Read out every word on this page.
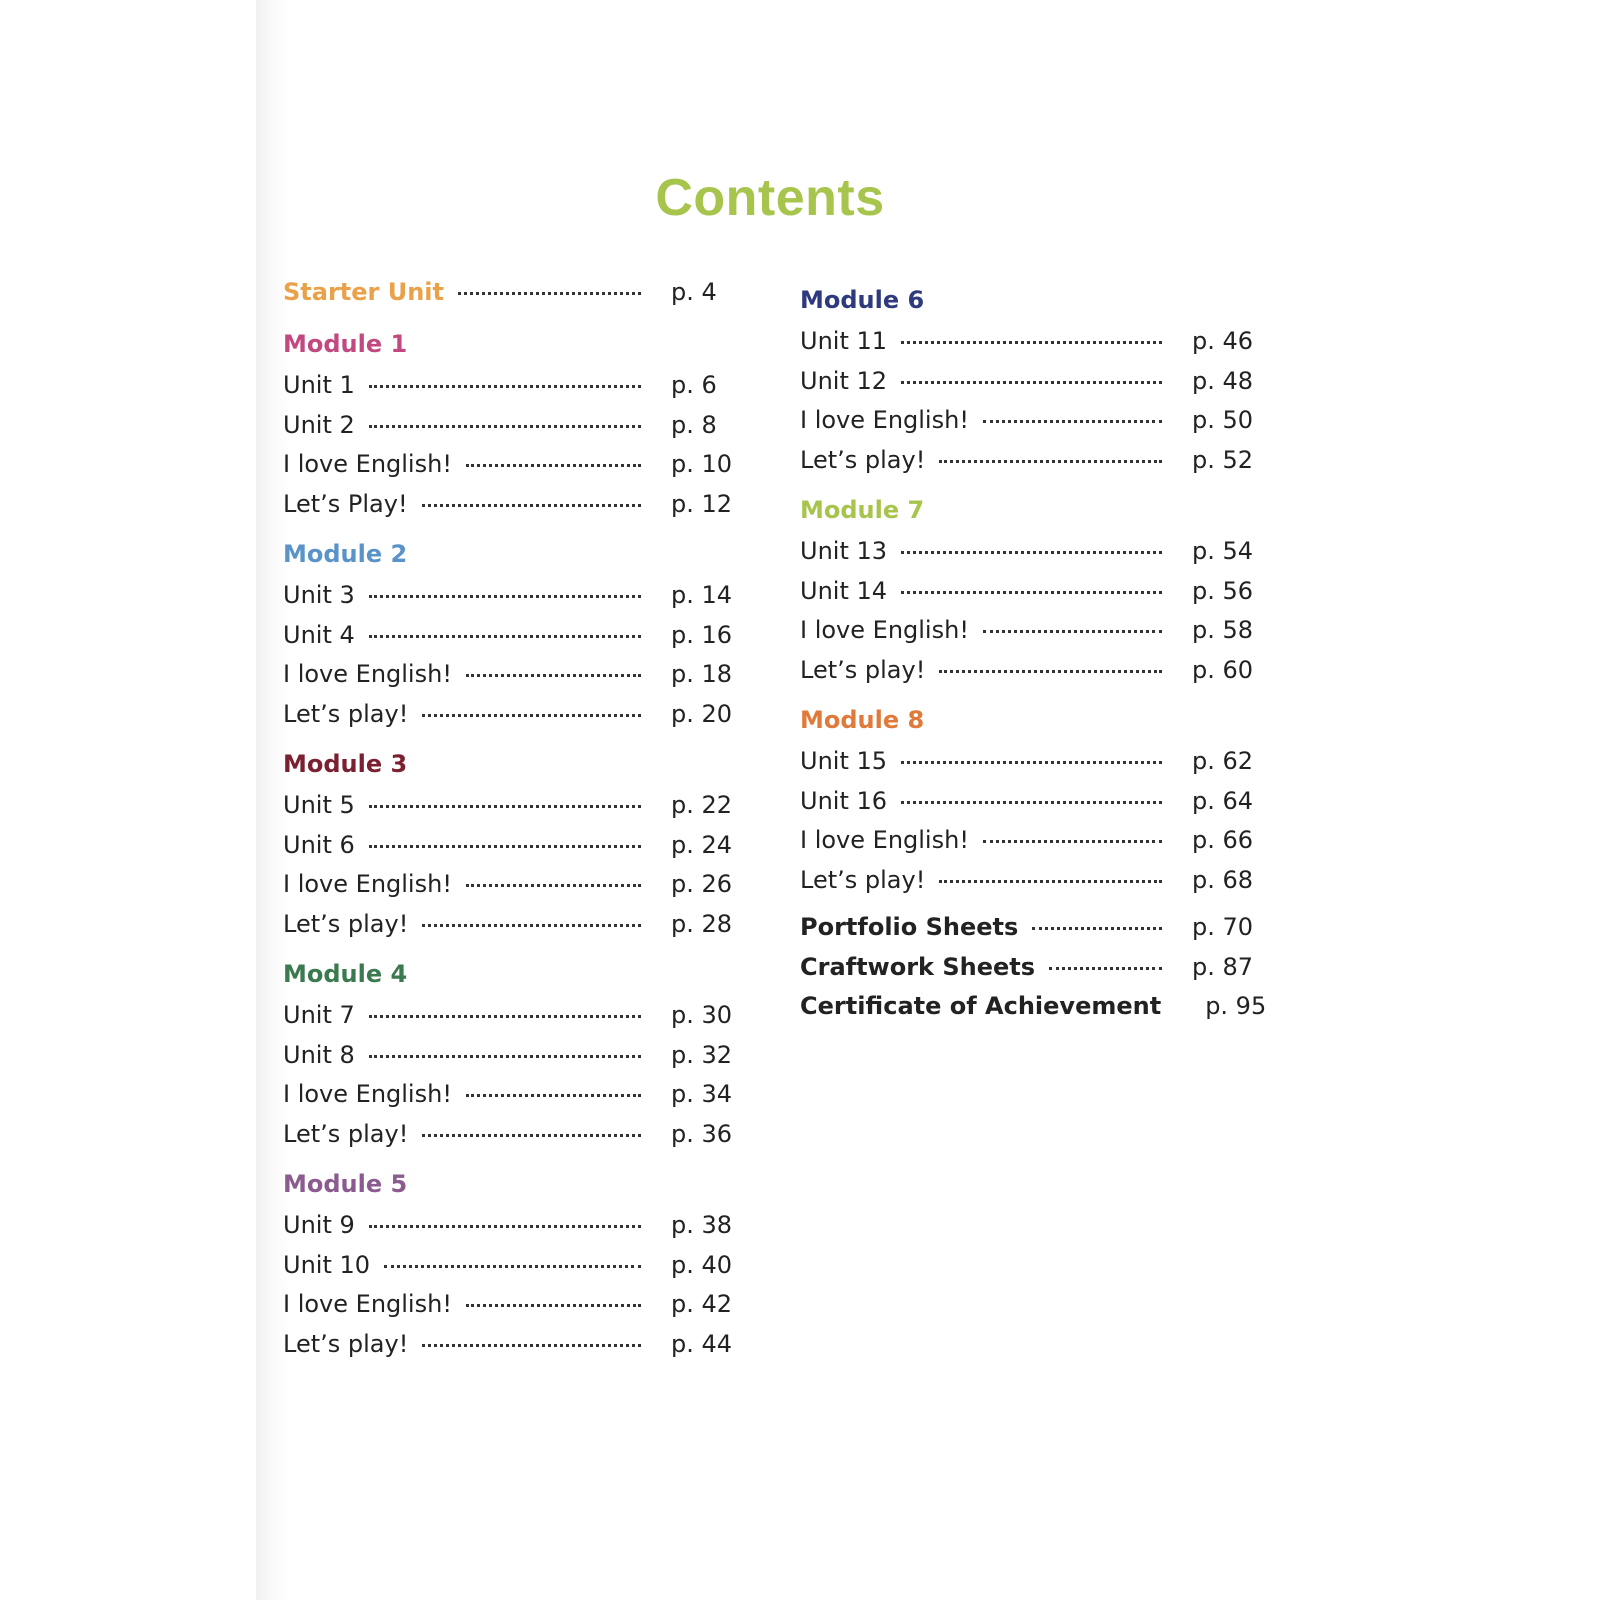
Contents
Starter Unit	p. 4
Module 1
Unit 1	p. 6
Unit 2	p. 8
I love English!	p. 10
Let’s Play!	p. 12
Module 2
Unit 3	p. 14
Unit 4	p. 16
I love English!	p. 18
Let’s play!	p. 20
Module 3
Unit 5	p. 22
Unit 6	p. 24
I love English!	p. 26
Let’s play!	p. 28
Module 4
Unit 7	p. 30
Unit 8	p. 32
I love English!	p. 34
Let’s play!	p. 36
Module 5
Unit 9	p. 38
Unit 10	p. 40
I love English!	p. 42
Let’s play!	p. 44
Module 6
Unit 11	p. 46
Unit 12	p. 48
I love English!	p. 50
Let’s play!	p. 52
Module 7
Unit 13	p. 54
Unit 14	p. 56
I love English!	p. 58
Let’s play!	p. 60
Module 8
Unit 15	p. 62
Unit 16	p. 64
I love English!	p. 66
Let’s play!	p. 68
Portfolio Sheets	p. 70
Craftwork Sheets	p. 87
Certificate of Achievement p. 95
